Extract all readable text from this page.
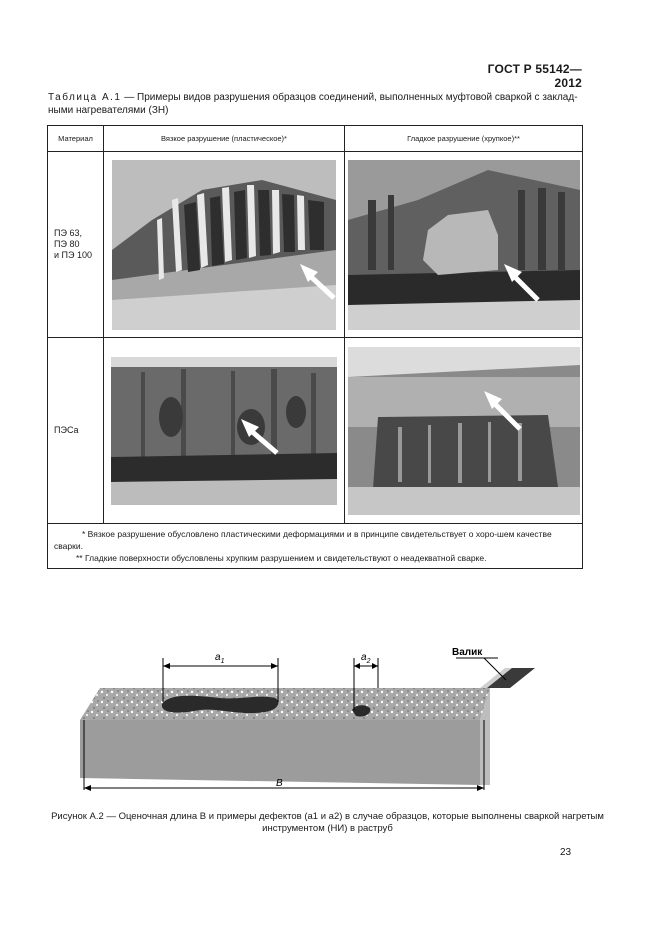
ГОСТ Р 55142—2012
Таблица А.1 — Примеры видов разрушения образцов соединений, выполненных муфтовой сваркой с заклад-ными нагревателями (ЗН)
Материал	Вязкое разрушение (пластическое)*	Гладкое разрушение (хрупкое)**
ПЭ 63,
ПЭ 80
и ПЭ 100	

ПЭСа	

* Вязкое разрушение обусловлено пластическими деформациями и в принципе свидетельствует о хоро-шем качестве сварки.

** Гладкие поверхности обусловлены хрупким разрушением и свидетельствуют о неадекватной сварке.		

$a_1$	$a_2$
B
Валик
Рисунок А.2 — Оценочная длина B и примеры дефектов (a1 и a2) в случае образцов, которые выполнены сваркой нагретым инструментом (НИ) в раструб
23
